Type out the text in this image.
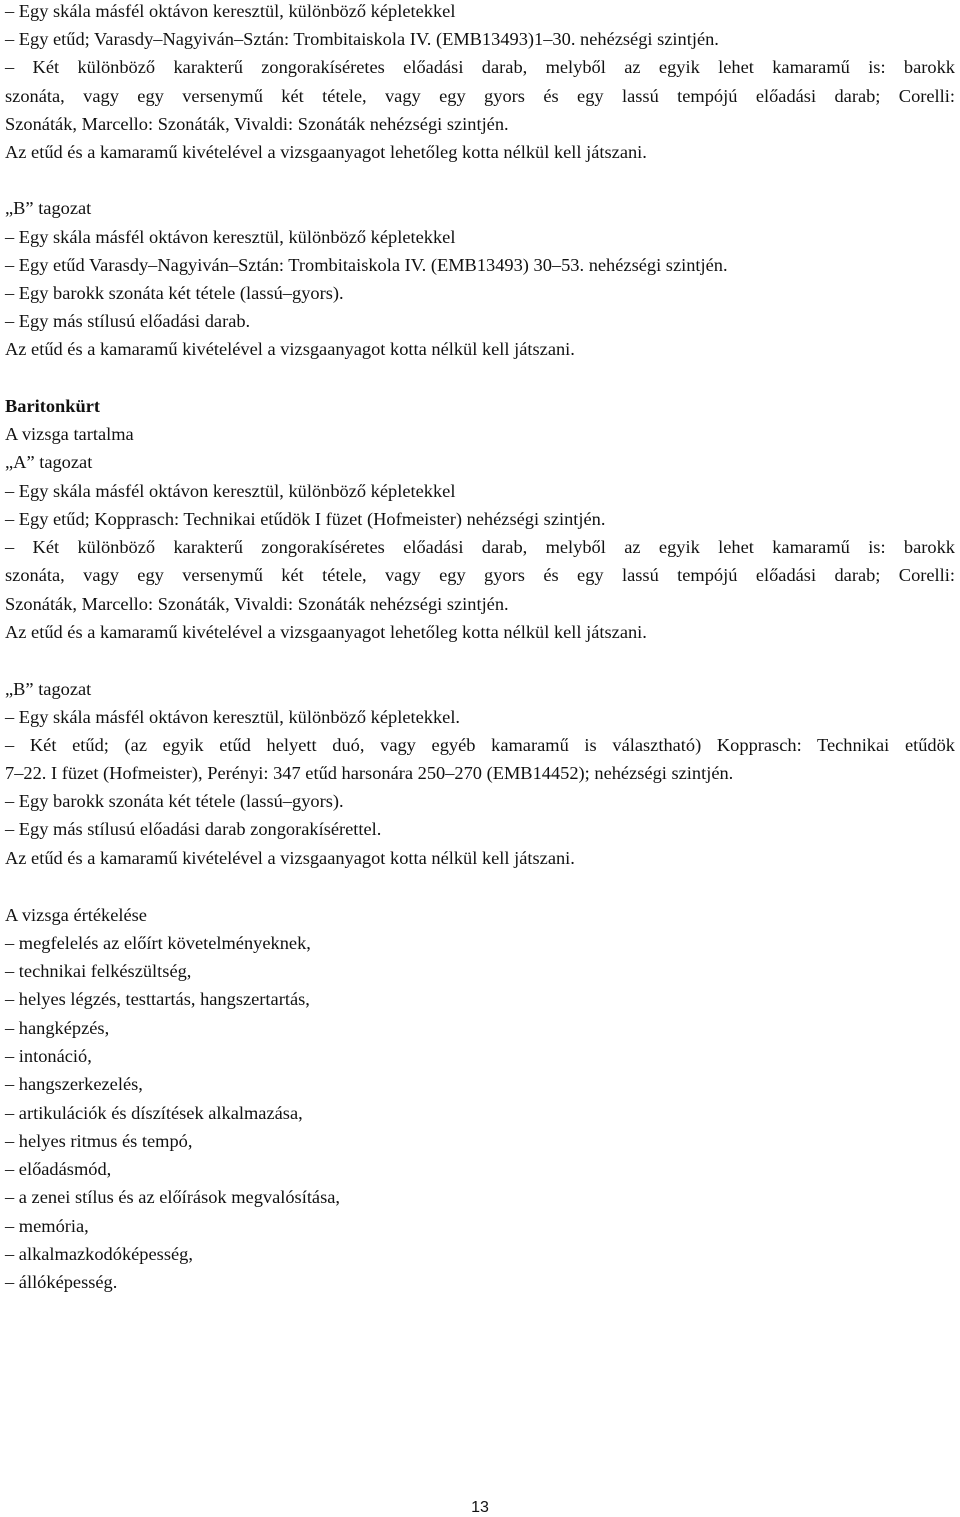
– Egy skála másfél oktávon keresztül, különböző képletekkel
– Egy etűd; Varasdy–Nagyiván–Sztán: Trombitaiskola IV. (EMB13493)1–30. nehézségi szintjén.
– Két különböző karakterű zongorakíséretes előadási darab, melyből az egyik lehet kamaramű is: barokk
szonáta, vagy egy versenymű két tétele, vagy egy gyors és egy lassú tempójú előadási darab; Corelli:
Szonáták, Marcello: Szonáták, Vivaldi: Szonáták nehézségi szintjén.
Az etűd és a kamaramű kivételével a vizsgaanyagot lehetőleg kotta nélkül kell játszani.
„B” tagozat
– Egy skála másfél oktávon keresztül, különböző képletekkel
– Egy etűd Varasdy–Nagyiván–Sztán: Trombitaiskola IV. (EMB13493) 30–53. nehézségi szintjén.
– Egy barokk szonáta két tétele (lassú–gyors).
– Egy más stílusú előadási darab.
Az etűd és a kamaramű kivételével a vizsgaanyagot kotta nélkül kell játszani.
Baritonkürt
A vizsga tartalma
„A” tagozat
– Egy skála másfél oktávon keresztül, különböző képletekkel
– Egy etűd; Kopprasch: Technikai etűdök I füzet (Hofmeister) nehézségi szintjén.
– Két különböző karakterű zongorakíséretes előadási darab, melyből az egyik lehet kamaramű is: barokk
szonáta, vagy egy versenymű két tétele, vagy egy gyors és egy lassú tempójú előadási darab; Corelli:
Szonáták, Marcello: Szonáták, Vivaldi: Szonáták nehézségi szintjén.
Az etűd és a kamaramű kivételével a vizsgaanyagot lehetőleg kotta nélkül kell játszani.
„B” tagozat
– Egy skála másfél oktávon keresztül, különböző képletekkel.
– Két etűd; (az egyik etűd helyett duó, vagy egyéb kamaramű is választható) Kopprasch: Technikai etűdök
7–22. I füzet (Hofmeister), Perényi: 347 etűd harsonára 250–270 (EMB14452); nehézségi szintjén.
– Egy barokk szonáta két tétele (lassú–gyors).
– Egy más stílusú előadási darab zongorakísérettel.
Az etűd és a kamaramű kivételével a vizsgaanyagot kotta nélkül kell játszani.
A vizsga értékelése
– megfelelés az előírt követelményeknek,
– technikai felkészültség,
– helyes légzés, testtartás, hangszertartás,
– hangképzés,
– intonáció,
– hangszerkezelés,
– artikulációk és díszítések alkalmazása,
– helyes ritmus és tempó,
– előadásmód,
– a zenei stílus és az előírások megvalósítása,
– memória,
– alkalmazkodóképesség,
– állóképesség.
13
